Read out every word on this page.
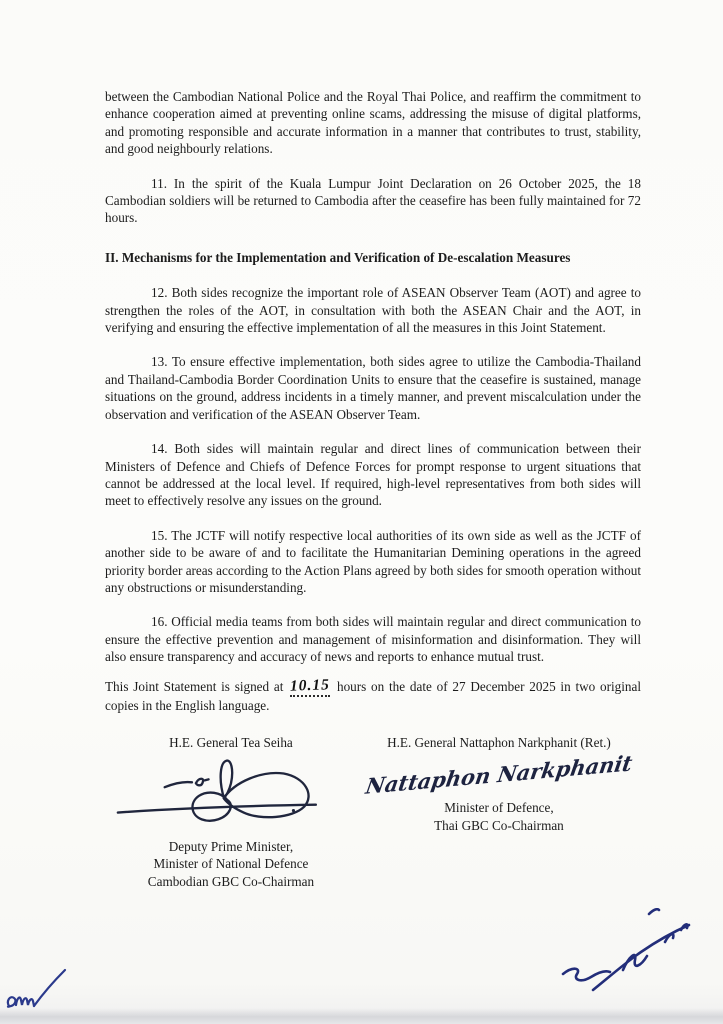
between the Cambodian National Police and the Royal Thai Police, and reaffirm the commitment to enhance cooperation aimed at preventing online scams, addressing the misuse of digital platforms, and promoting responsible and accurate information in a manner that contributes to trust, stability, and good neighbourly relations.

11. In the spirit of the Kuala Lumpur Joint Declaration on 26 October 2025, the 18 Cambodian soldiers will be returned to Cambodia after the ceasefire has been fully maintained for 72 hours.

II. Mechanisms for the Implementation and Verification of De-escalation Measures

12. Both sides recognize the important role of ASEAN Observer Team (AOT) and agree to strengthen the roles of the AOT, in consultation with both the ASEAN Chair and the AOT, in verifying and ensuring the effective implementation of all the measures in this Joint Statement.

13. To ensure effective implementation, both sides agree to utilize the Cambodia-Thailand and Thailand-Cambodia Border Coordination Units to ensure that the ceasefire is sustained, manage situations on the ground, address incidents in a timely manner, and prevent miscalculation under the observation and verification of the ASEAN Observer Team.

14. Both sides will maintain regular and direct lines of communication between their Ministers of Defence and Chiefs of Defence Forces for prompt response to urgent situations that cannot be addressed at the local level. If required, high-level representatives from both sides will meet to effectively resolve any issues on the ground.

15. The JCTF will notify respective local authorities of its own side as well as the JCTF of another side to be aware of and to facilitate the Humanitarian Demining operations in the agreed priority border areas according to the Action Plans agreed by both sides for smooth operation without any obstructions or misunderstanding.

16. Official media teams from both sides will maintain regular and direct communication to ensure the effective prevention and management of misinformation and disinformation. They will also ensure transparency and accuracy of news and reports to enhance mutual trust.

This Joint Statement is signed at 10.15 hours on the date of 27 December 2025 in two original copies in the English language.

H.E. General Tea Seiha
Deputy Prime Minister,
Minister of National Defence
Cambodian GBC Co-Chairman
H.E. General Nattaphon Narkphanit (Ret.)
Nattaphon Narkphanit
Minister of Defence,
Thai GBC Co-Chairman
